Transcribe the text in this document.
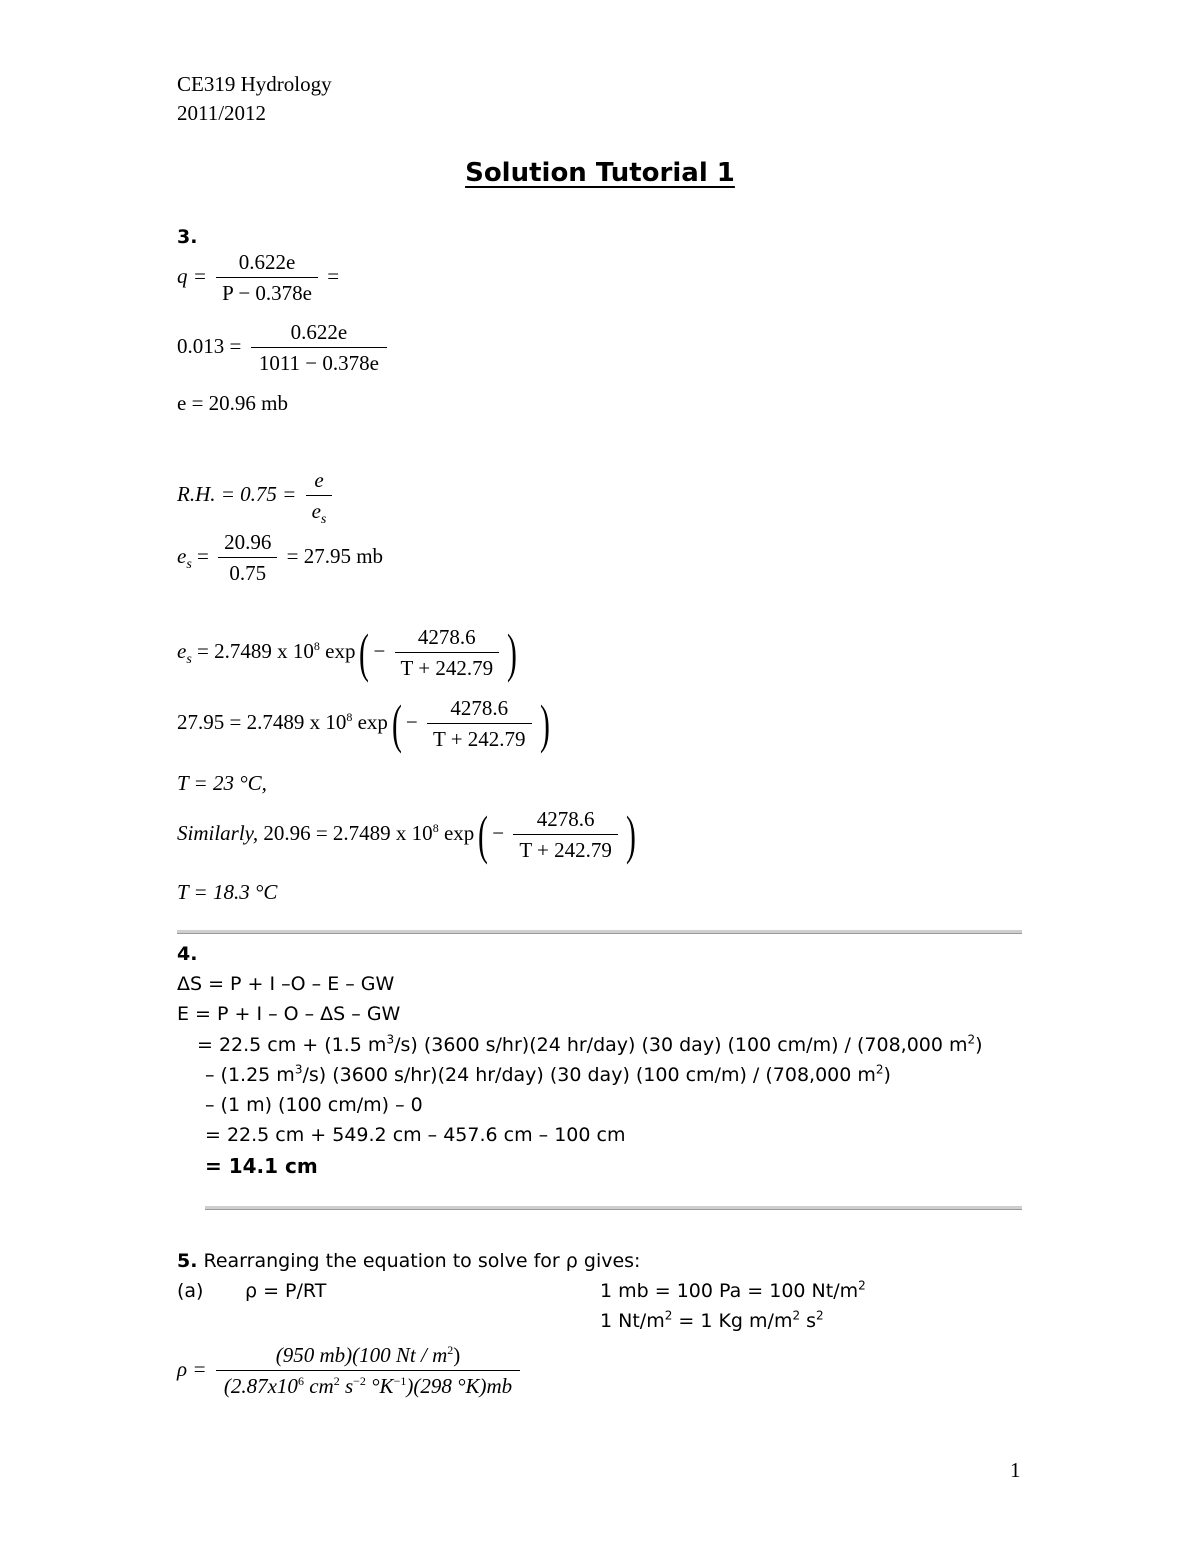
CE319 Hydrology
2011/2012
Solution Tutorial 1
3.
$q = \frac{0.622e}{P - 0.378e}$ =
$0.013 = \frac{0.622e}{1011 - 0.378e}$
e = 20.96 mb
R.H. = $0.75 = \frac{e}{e_s}$
$e_s = \frac{20.96}{0.75} = 27.95$ mb
$e_s = 2.7489$ x $10^8$ $\exp( - \frac{4278.6}{T + 242.79}$ )
27.95 = 2.7489 x $10^8$ $\exp( - \frac{4278.6}{T + 242.79}$ )
T = 23 °C,
Similarly, 20.96 = 2.7489 x $10^8$ $\exp( - \frac{4278.6}{T + 242.79}$ )
T = 18.3 °C
4.
ΔS = P + I –O – E – GW
E = P + I – O – ΔS – GW
= 22.5 cm + (1.5 $m^3/s$) (3600 s/hr)(24 hr/day) (30 day) (100 cm/m) / (708,000 $m^2$)
– (1.25 $m^3/s$) (3600 s/hr)(24 hr/day) (30 day) (100 cm/m) / (708,000 $m^2$)
– (1 m) (100 cm/m) – 0
= 22.5 cm + 549.2 cm – 457.6 cm – 100 cm
= 14.1 cm
5. Rearranging the equation to solve for ρ gives:
(a) ρ = P/RT	1 mb = 100 Pa = 100 $Nt/m^2$
1 $Nt/m^2 = 1$ Kg $m/m^2$ $s^2$
$\rho = \frac{(950 mb)(100 Nt / m^2)}{(2.87x10^6 cm^2 s^{-2} ^\circ K^{-1})(298 ^\circ K)mb}$
1
